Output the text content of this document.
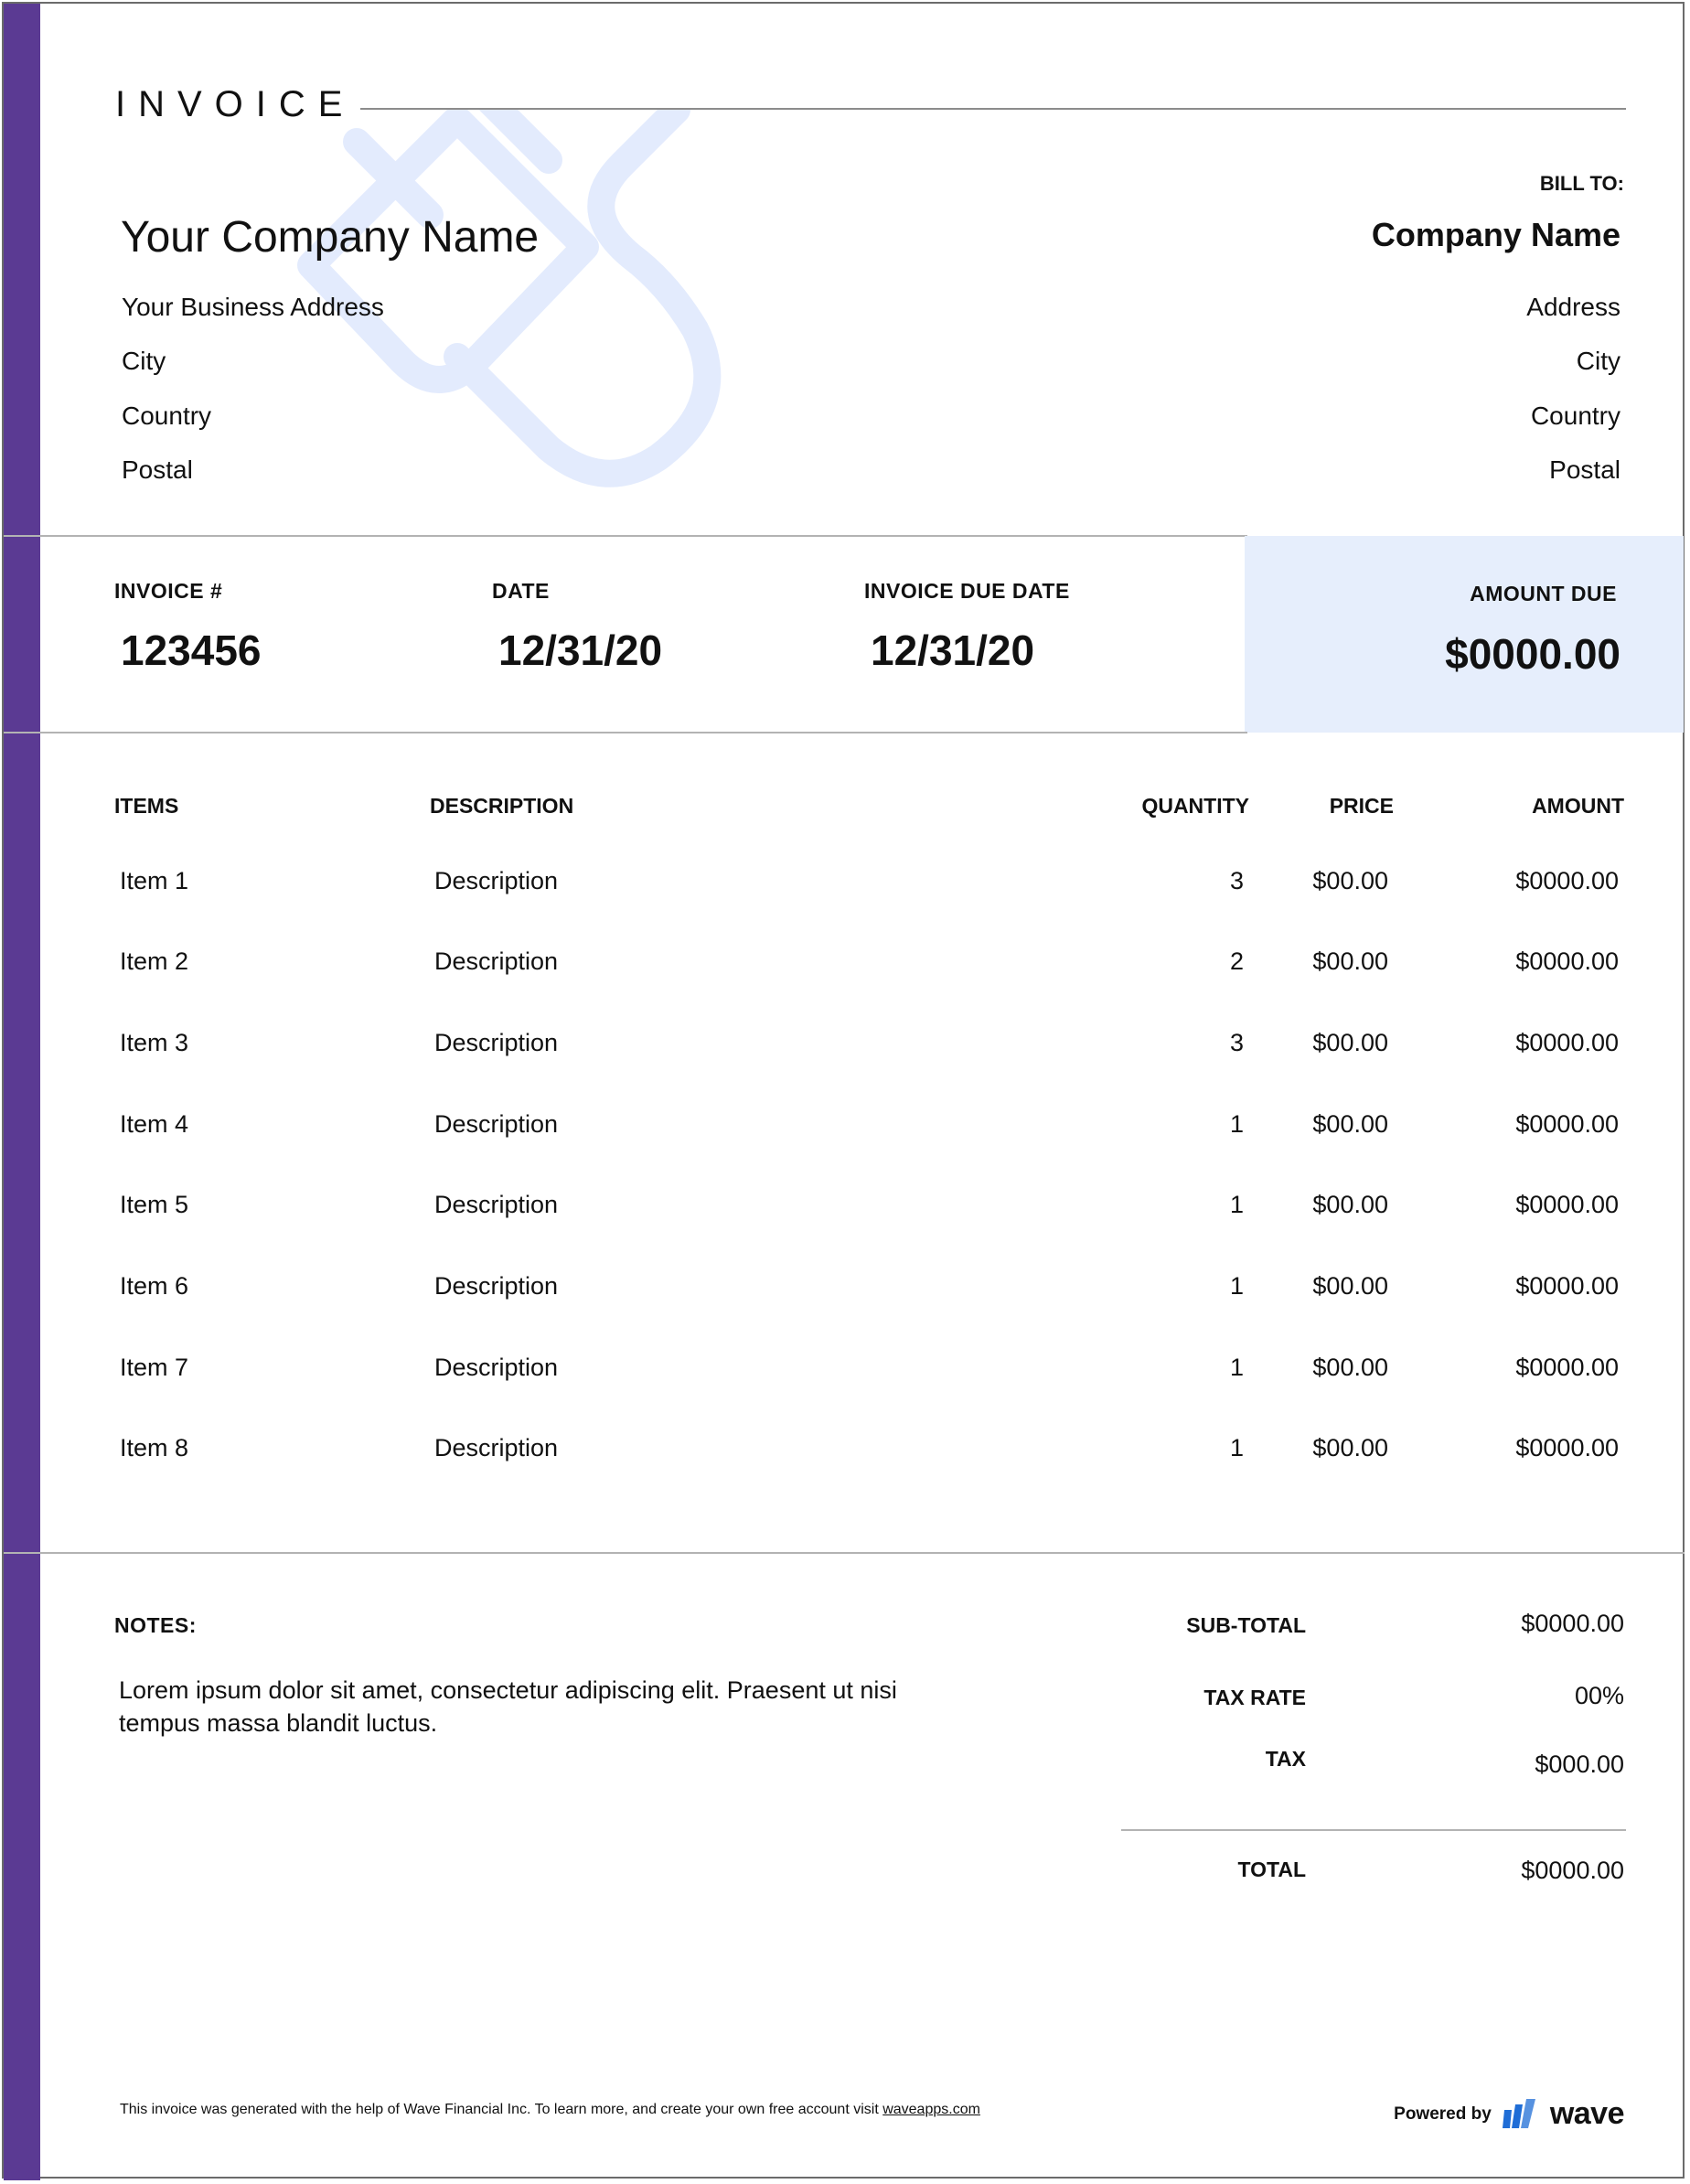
INVOICE
Your Company Name
Your Business Address
City
Country
Postal
BILL TO:
Company Name
Address
City
Country
Postal
INVOICE #
123456
DATE
12/31/20
INVOICE DUE DATE
12/31/20
AMOUNT DUE
$0000.00
ITEMS	DESCRIPTION	QUANTITY	PRICE	AMOUNT
Item 1	Description	3	$00.00	$0000.00
Item 2	Description	2	$00.00	$0000.00
Item 3	Description	3	$00.00	$0000.00
Item 4	Description	1	$00.00	$0000.00
Item 5	Description	1	$00.00	$0000.00
Item 6	Description	1	$00.00	$0000.00
Item 7	Description	1	$00.00	$0000.00
Item 8	Description	1	$00.00	$0000.00
NOTES:
Lorem ipsum dolor sit amet, consectetur adipiscing elit. Praesent ut nisi tempus massa blandit luctus.
SUB-TOTAL	$0000.00
TAX RATE	00%
TAX	$000.00
TOTAL	$0000.00
This invoice was generated with the help of Wave Financial Inc. To learn more, and create your own free account visit waveapps.com	Powered by wave
